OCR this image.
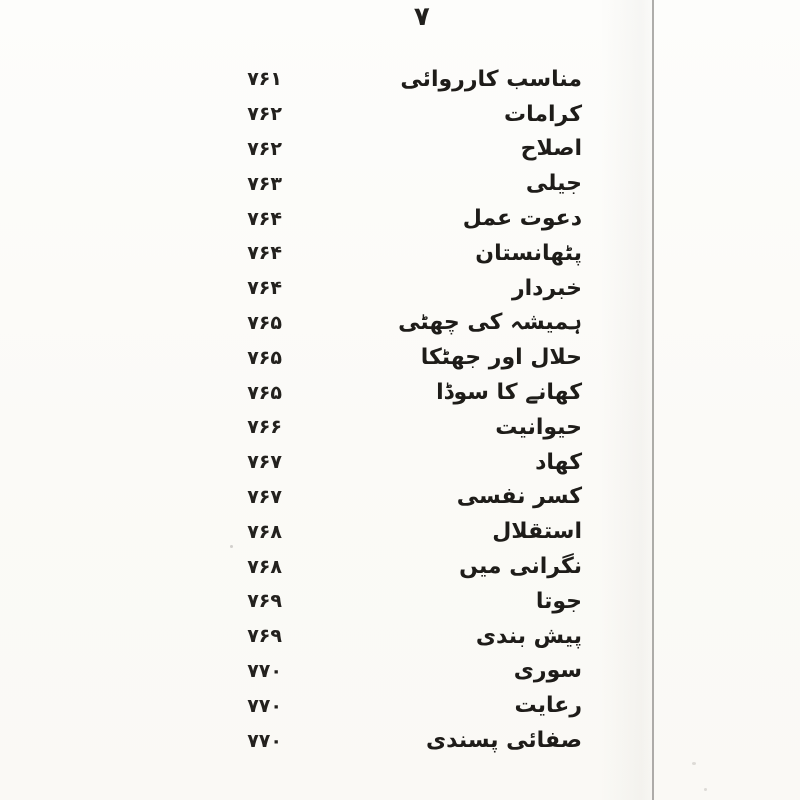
۷
۷۶۱	مناسب کارروائی
۷۶۲	کرامات
۷۶۲	اصلاح
۷۶۳	جیلی
۷۶۴	دعوت عمل
۷۶۴	پٹھانستان
۷۶۴	خبردار
۷۶۵	ہمیشہ کی چھٹی
۷۶۵	حلال اور جھٹکا
۷۶۵	کھانے کا سوڈا
۷۶۶	حیوانیت
۷۶۷	کھاد
۷۶۷	کسر نفسی
۷۶۸	استقلال
۷۶۸	نگرانی میں
۷۶۹	جوتا
۷۶۹	پیش بندی
۷۷۰	سوری
۷۷۰	رعایت
۷۷۰	صفائی پسندی
